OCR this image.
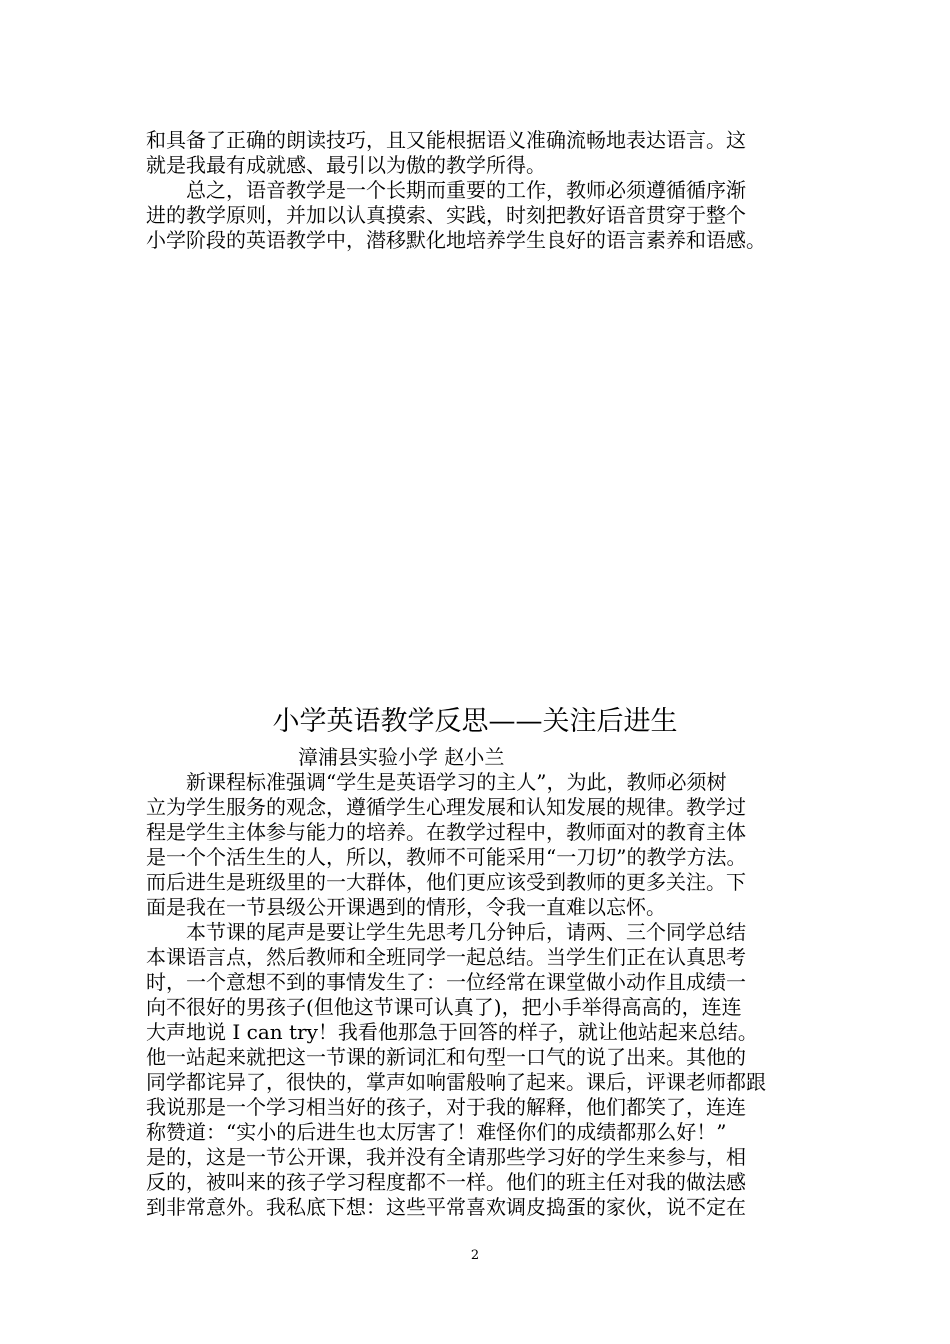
和具备了正确的朗读技巧，且又能根据语义准确流畅地表达语言。这
就是我最有成就感、最引以为傲的教学所得。
总之，语音教学是一个长期而重要的工作，教师必须遵循循序渐
进的教学原则，并加以认真摸索、实践，时刻把教好语音贯穿于整个
小学阶段的英语教学中，潜移默化地培养学生良好的语言素养和语感。
小学英语教学反思——关注后进生
漳浦县实验小学 赵小兰
新课程标准强调“学生是英语学习的主人”，为此，教师必须树
立为学生服务的观念，遵循学生心理发展和认知发展的规律。教学过
程是学生主体参与能力的培养。在教学过程中，教师面对的教育主体
是一个个活生生的人，所以，教师不可能采用“一刀切”的教学方法。
而后进生是班级里的一大群体，他们更应该受到教师的更多关注。下
面是我在一节县级公开课遇到的情形，令我一直难以忘怀。
本节课的尾声是要让学生先思考几分钟后，请两、三个同学总结
本课语言点，然后教师和全班同学一起总结。当学生们正在认真思考
时，一个意想不到的事情发生了：一位经常在课堂做小动作且成绩一
向不很好的男孩子(但他这节课可认真了)，把小手举得高高的，连连
大声地说 I can try！我看他那急于回答的样子，就让他站起来总结。
他一站起来就把这一节课的新词汇和句型一口气的说了出来。其他的
同学都诧异了，很快的，掌声如响雷般响了起来。课后，评课老师都跟
我说那是一个学习相当好的孩子，对于我的解释，他们都笑了，连连
称赞道：“实小的后进生也太厉害了！难怪你们的成绩都那么好！”
是的，这是一节公开课，我并没有全请那些学习好的学生来参与，相
反的，被叫来的孩子学习程度都不一样。他们的班主任对我的做法感
到非常意外。我私底下想：这些平常喜欢调皮捣蛋的家伙，说不定在
2
